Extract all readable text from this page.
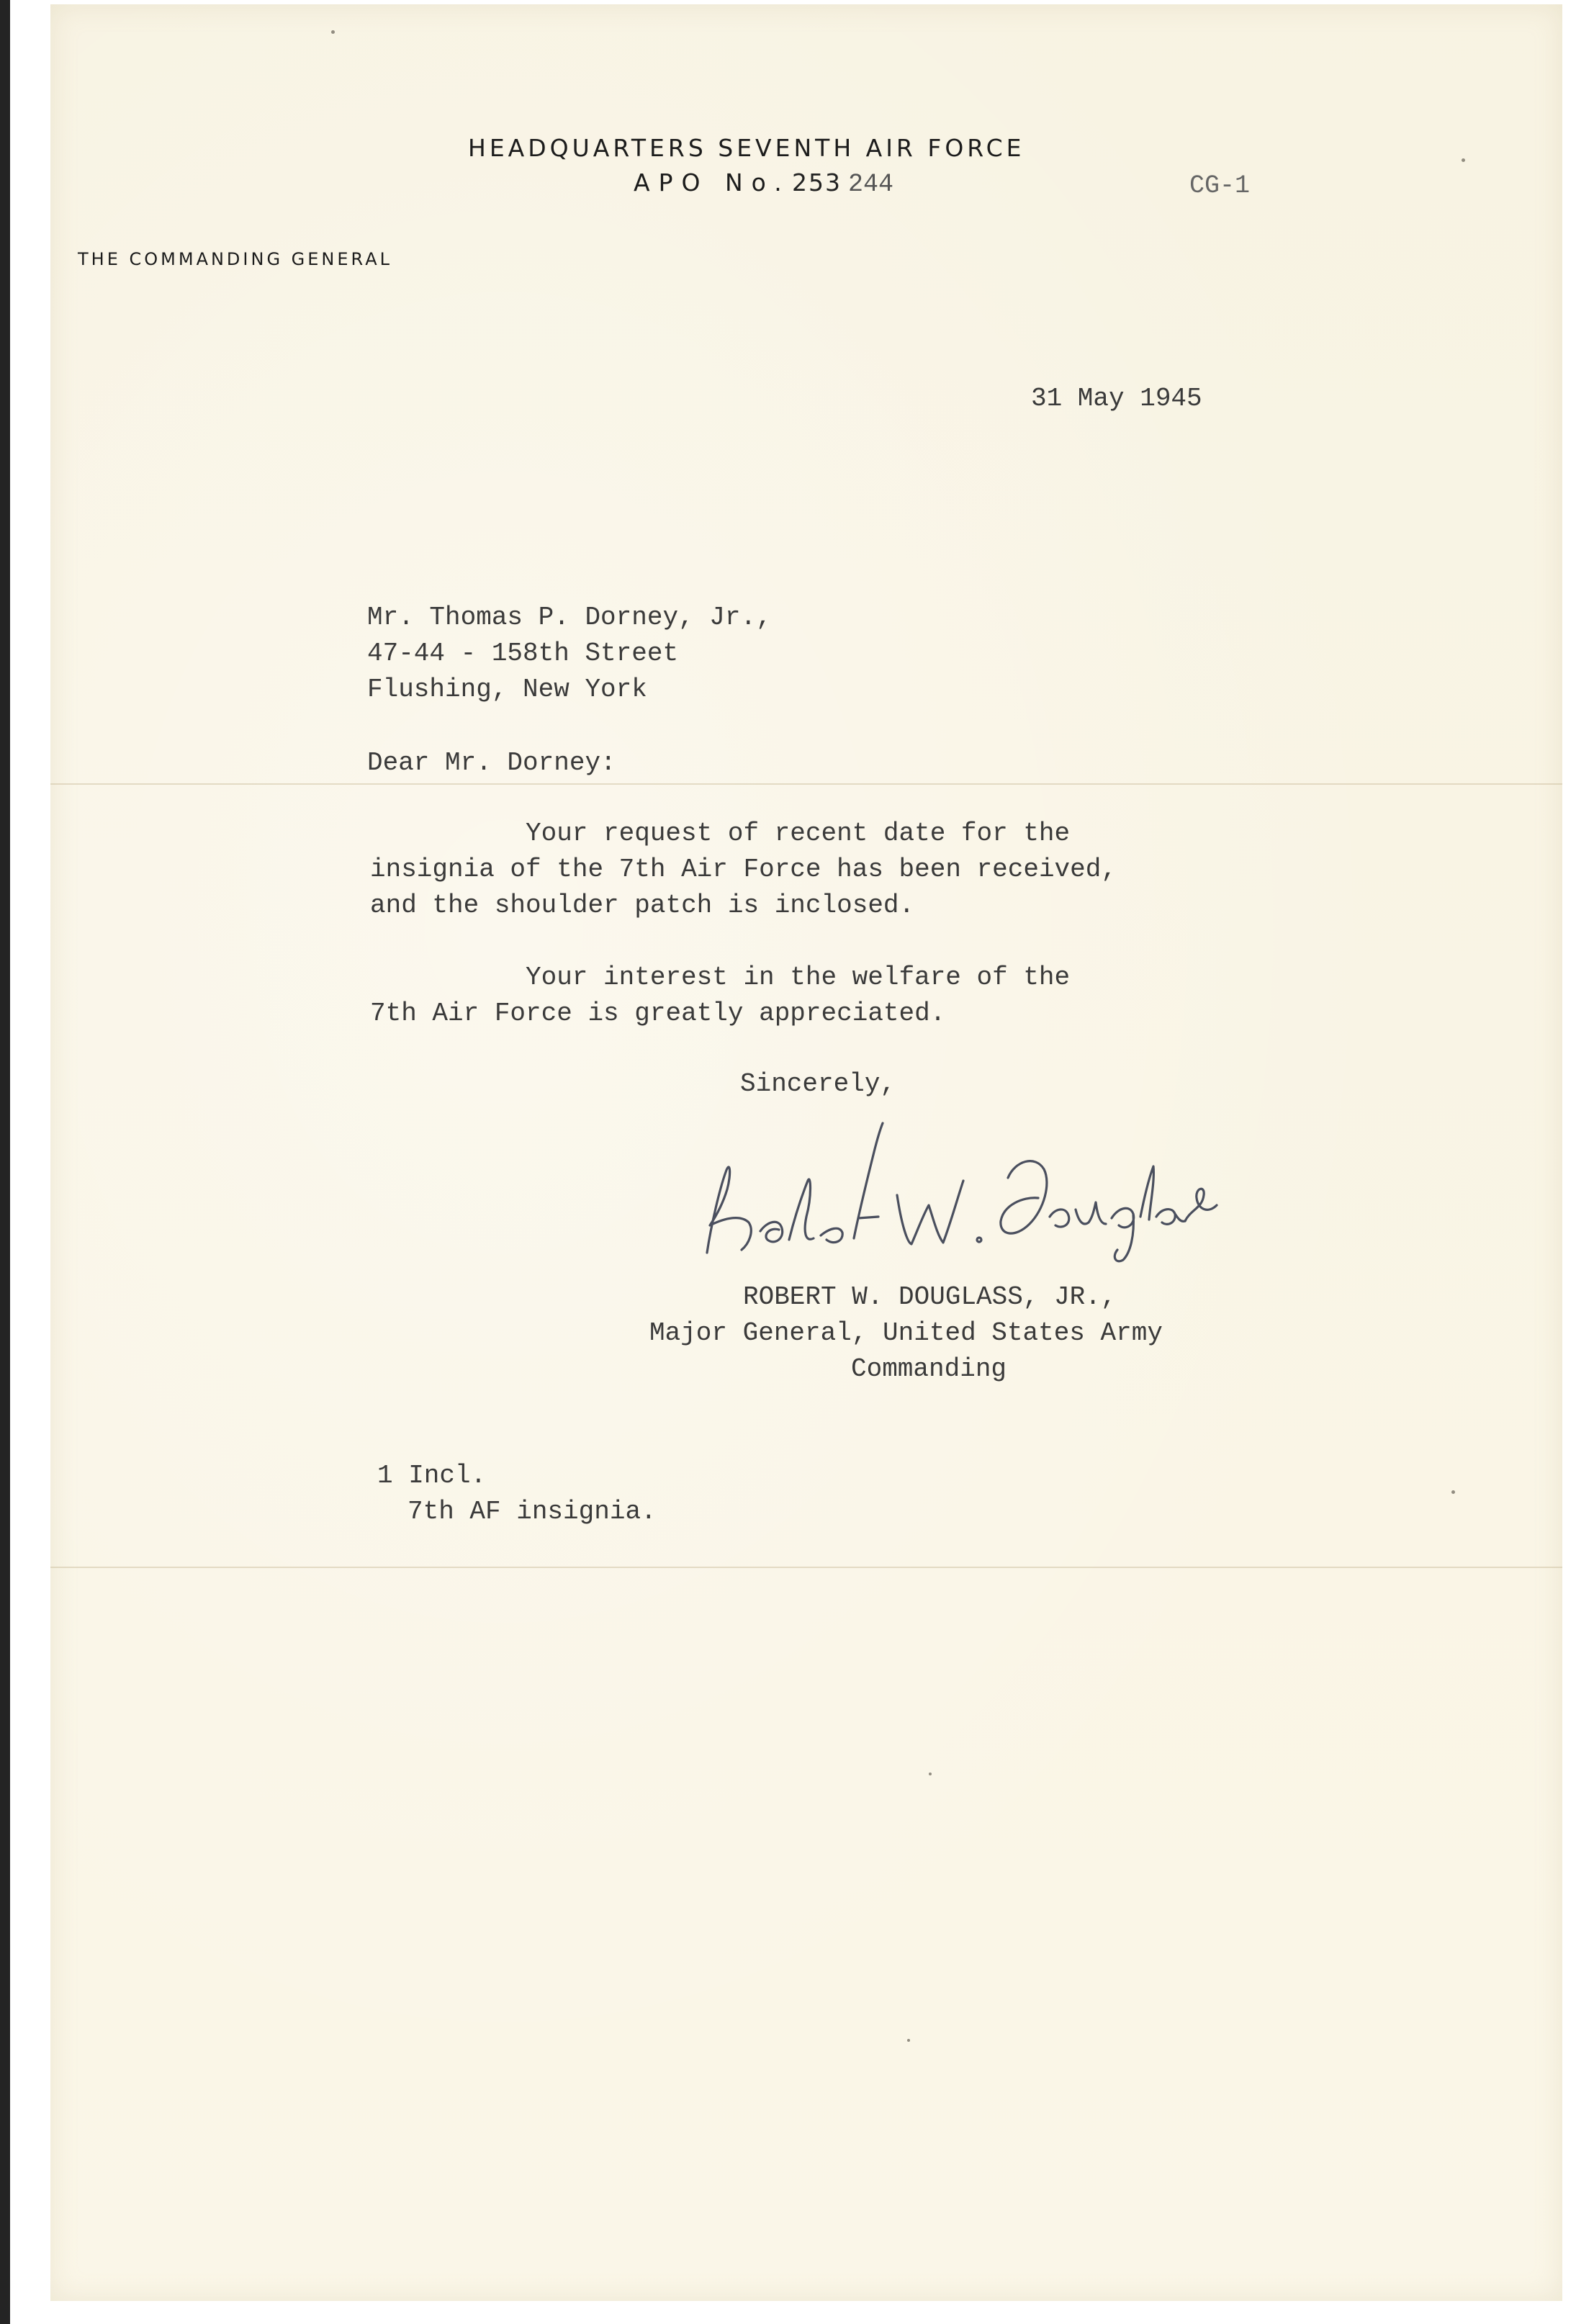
HEADQUARTERS SEVENTH AIR FORCE
APO No. 253 244	CG-1
THE COMMANDING GENERAL
31 May 1945
Mr. Thomas P. Dorney, Jr.,
47-44 - 158th Street
Flushing, New York
Dear Mr. Dorney:
Your request of recent date for the
insignia of the 7th Air Force has been received,
and the shoulder patch is inclosed.
Your interest in the welfare of the
7th Air Force is greatly appreciated.
Sincerely,
ROBERT W. DOUGLASS, JR.,
Major General, United States Army
Commanding
1 Incl.
7th AF insignia.
